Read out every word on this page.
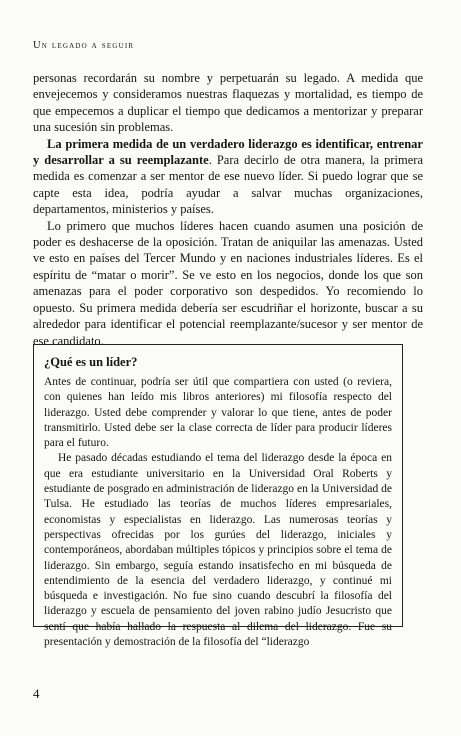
Un legado a seguir

personas recordarán su nombre y perpetuarán su legado. A medida que envejecemos y consideramos nuestras flaquezas y mortalidad, es tiempo de que empecemos a duplicar el tiempo que dedicamos a mentorizar y preparar una sucesión sin problemas.

La primera medida de un verdadero liderazgo es identificar, entrenar y desarrollar a su reemplazante. Para decirlo de otra manera, la primera medida es comenzar a ser mentor de ese nuevo líder. Si puedo lograr que se capte esta idea, podría ayudar a salvar muchas organizaciones, departamentos, ministerios y países.

Lo primero que muchos líderes hacen cuando asumen una posición de poder es deshacerse de la oposición. Tratan de aniquilar las amenazas. Usted ve esto en países del Tercer Mundo y en naciones industriales líderes. Es el espíritu de “matar o morir”. Se ve esto en los negocios, donde los que son amenazas para el poder corporativo son despedidos. Yo recomiendo lo opuesto. Su primera medida debería ser escudriñar el horizonte, buscar a su alrededor para identificar el potencial reemplazante/sucesor y ser mentor de ese candidato.

¿Qué es un líder?

Antes de continuar, podría ser útil que compartiera con usted (o reviera, con quienes han leído mis libros anteriores) mi filosofía respecto del liderazgo. Usted debe comprender y valorar lo que tiene, antes de poder transmitirlo. Usted debe ser la clase correcta de líder para producir líderes para el futuro.

He pasado décadas estudiando el tema del liderazgo desde la época en que era estudiante universitario en la Universidad Oral Roberts y estudiante de posgrado en administración de liderazgo en la Universidad de Tulsa. He estudiado las teorías de muchos líderes empresariales, economistas y especialistas en liderazgo. Las numerosas teorías y perspectivas ofrecidas por los gurúes del liderazgo, iniciales y contemporáneos, abordaban múltiples tópicos y principios sobre el tema de liderazgo. Sin embargo, seguía estando insatisfecho en mi búsqueda de entendimiento de la esencia del verdadero liderazgo, y continué mi búsqueda e investigación. No fue sino cuando descubrí la filosofía del liderazgo y escuela de pensamiento del joven rabino judío Jesucristo que sentí que había hallado la respuesta al dilema del liderazgo. Fue su presentación y demostración de la filosofía del “liderazgo

4
